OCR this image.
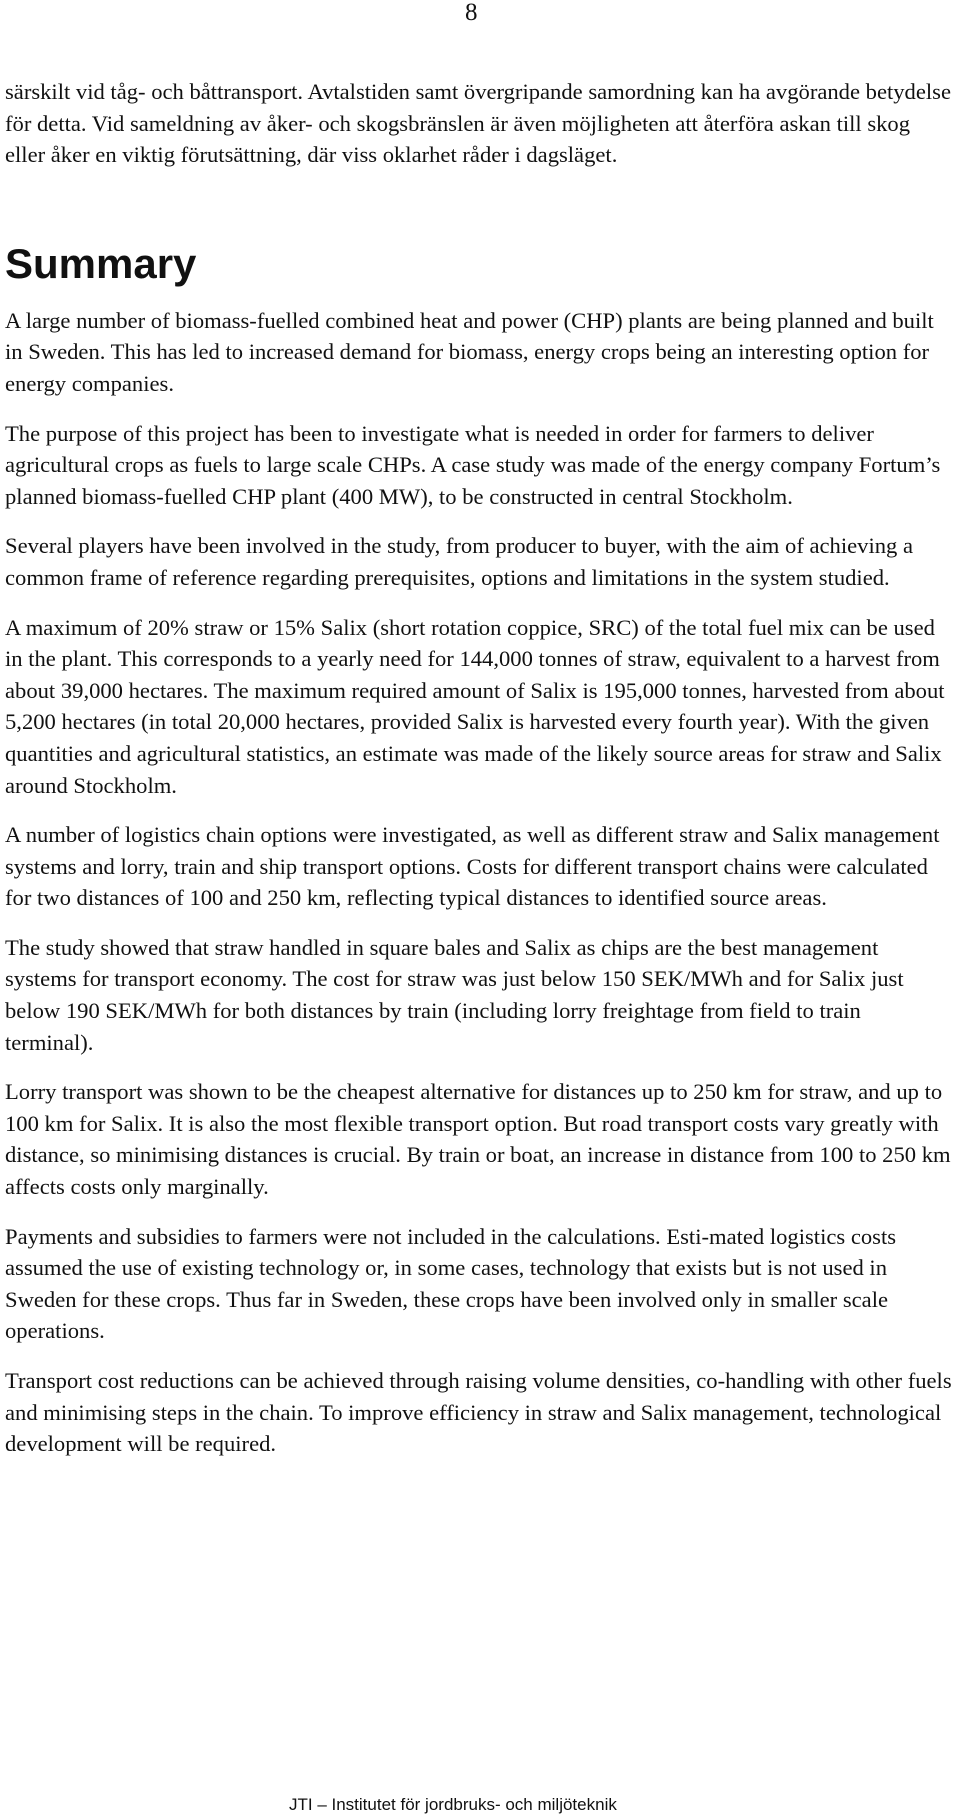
8

särskilt vid tåg- och båttransport. Avtalstiden samt övergripande samordning kan ha avgörande betydelse för detta. Vid sameldning av åker- och skogsbränslen är även möjligheten att återföra askan till skog eller åker en viktig förutsättning, där viss oklarhet råder i dagsläget.

Summary

A large number of biomass-fuelled combined heat and power (CHP) plants are being planned and built in Sweden. This has led to increased demand for biomass, energy crops being an interesting option for energy companies.

The purpose of this project has been to investigate what is needed in order for farmers to deliver agricultural crops as fuels to large scale CHPs. A case study was made of the energy company Fortum’s planned biomass-fuelled CHP plant (400 MW), to be constructed in central Stockholm.

Several players have been involved in the study, from producer to buyer, with the aim of achieving a common frame of reference regarding prerequisites, options and limitations in the system studied.

A maximum of 20% straw or 15% Salix (short rotation coppice, SRC) of the total fuel mix can be used in the plant. This corresponds to a yearly need for 144,000 tonnes of straw, equivalent to a harvest from about 39,000 hectares. The maximum required amount of Salix is 195,000 tonnes, harvested from about 5,200 hectares (in total 20,000 hectares, provided Salix is harvested every fourth year). With the given quantities and agricultural statistics, an estimate was made of the likely source areas for straw and Salix around Stockholm.

A number of logistics chain options were investigated, as well as different straw and Salix management systems and lorry, train and ship transport options. Costs for different transport chains were calculated for two distances of 100 and 250 km, reflecting typical distances to identified source areas.

The study showed that straw handled in square bales and Salix as chips are the best management systems for transport economy. The cost for straw was just below 150 SEK/MWh and for Salix just below 190 SEK/MWh for both distances by train (including lorry freightage from field to train terminal).

Lorry transport was shown to be the cheapest alternative for distances up to 250 km for straw, and up to 100 km for Salix. It is also the most flexible transport option. But road transport costs vary greatly with distance, so minimising distances is crucial. By train or boat, an increase in distance from 100 to 250 km affects costs only marginally.

Payments and subsidies to farmers were not included in the calculations. Esti-mated logistics costs assumed the use of existing technology or, in some cases, technology that exists but is not used in Sweden for these crops. Thus far in Sweden, these crops have been involved only in smaller scale operations.

Transport cost reductions can be achieved through raising volume densities, co-handling with other fuels and minimising steps in the chain. To improve efficiency in straw and Salix management, technological development will be required.

JTI – Institutet för jordbruks- och miljöteknik
